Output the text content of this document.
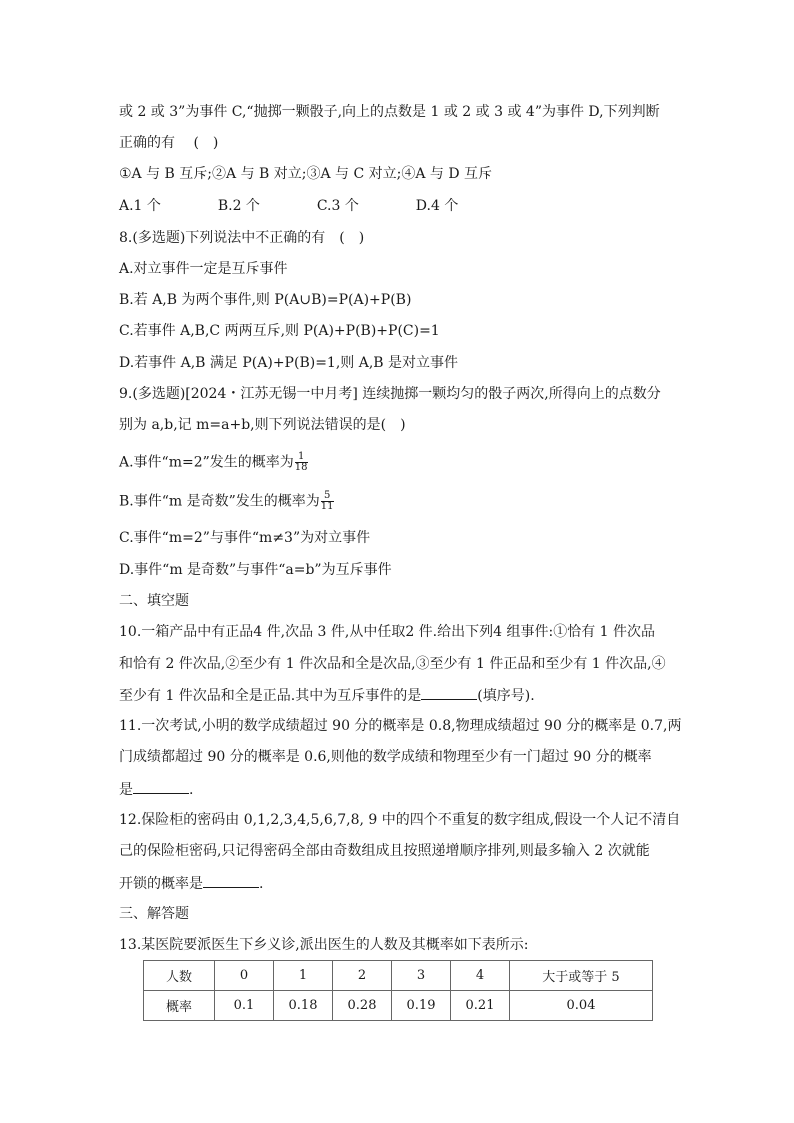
或 2 或 3”为事件 C,“抛掷一颗骰子,向上的点数是 1 或 2 或 3 或 4”为事件 D,下列判断
正确的有　 (　)
①A 与 B 互斥;②A 与 B 对立;③A 与 C 对立;④A 与 D 互斥
A.1 个	B.2 个	C.3 个	D.4 个
8.(多选题)下列说法中不正确的有　(　)
A.对立事件一定是互斥事件
B.若 A,B 为两个事件,则 P(A∪B)=P(A)+P(B)
C.若事件 A,B,C 两两互斥,则 P(A)+P(B)+P(C)=1
D.若事件 A,B 满足 P(A)+P(B)=1,则 A,B 是对立事件
9.(多选题)[2024・江苏无锡一中月考] 连续抛掷一颗均匀的骰子两次,所得向上的点数分
别为 a,b,记 m=a+b,则下列说法错误的是(　)
A.事件“m=2”发生的概率为 $\frac{1}{18}$
B.事件“m 是奇数”发生的概率为 $\frac{5}{11}$
C.事件“m=2”与事件“m≠3”为对立事件
D.事件“m 是奇数”与事件“a=b”为互斥事件
二、填空题
10.一箱产品中有正品4 件,次品 3 件,从中任取2 件.给出下列4 组事件:①恰有 1 件次品
和恰有 2 件次品,②至少有 1 件次品和全是次品,③至少有 1 件正品和至少有 1 件次品,④
至少有 1 件次品和全是正品.其中为互斥事件的是	(填序号).
11.一次考试,小明的数学成绩超过 90 分的概率是 0.8,物理成绩超过 90 分的概率是 0.7,两
门成绩都超过 90 分的概率是 0.6,则他的数学成绩和物理至少有一门超过 90 分的概率
是	.
12.保险柜的密码由 0,1,2,3,4,5,6,7,8, 9 中的四个不重复的数字组成,假设一个人记不清自
己的保险柜密码,只记得密码全部由奇数组成且按照递增顺序排列,则最多输入 2 次就能
开锁的概率是	.
三、解答题
13.某医院要派医生下乡义诊,派出医生的人数及其概率如下表所示:
人数	0	1	2	3	4	大于或等于 5
概率	0.1	0.18	0.28	0.19	0.21	0.04
